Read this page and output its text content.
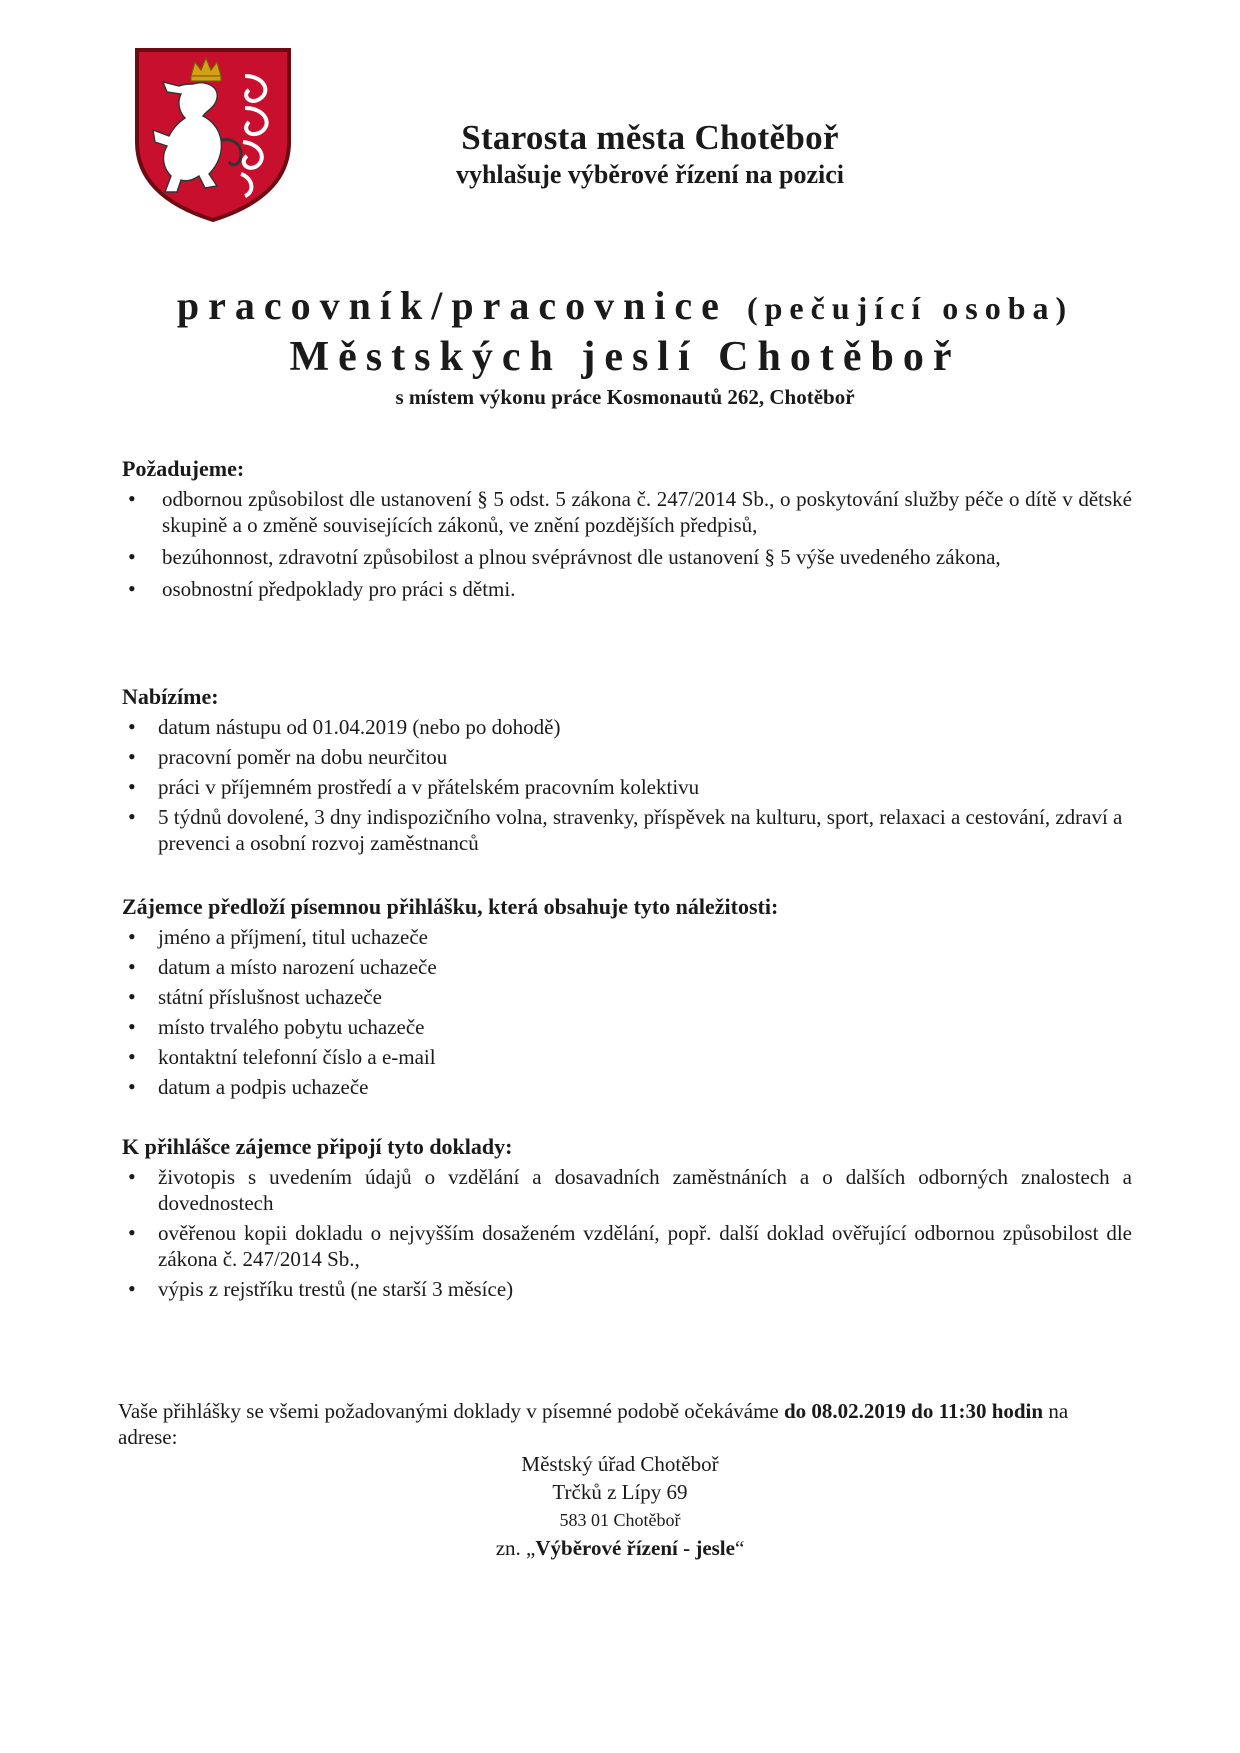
Starosta města Chotěboř
vyhlašuje výběrové řízení na pozici
pracovník/pracovnice (pečující osoba)
Městských jeslí Chotěboř
s místem výkonu práce Kosmonautů 262, Chotěboř
Požadujeme:
• odbornou způsobilost dle ustanovení § 5 odst. 5 zákona č. 247/2014 Sb., o poskytování služby péče o dítě v dětské skupině a o změně souvisejících zákonů, ve znění pozdějších předpisů,
• bezúhonnost, zdravotní způsobilost a plnou svéprávnost dle ustanovení § 5 výše uvedeného zákona,
• osobnostní předpoklady pro práci s dětmi.
Nabízíme:
• datum nástupu od 01.04.2019 (nebo po dohodě)
• pracovní poměr na dobu neurčitou
• práci v příjemném prostředí a v přátelském pracovním kolektivu
• 5 týdnů dovolené, 3 dny indispozičního volna, stravenky, příspěvek na kulturu, sport, relaxaci a cestování, zdraví a prevenci a osobní rozvoj zaměstnanců
Zájemce předloží písemnou přihlášku, která obsahuje tyto náležitosti:
• jméno a příjmení, titul uchazeče
• datum a místo narození uchazeče
• státní příslušnost uchazeče
• místo trvalého pobytu uchazeče
• kontaktní telefonní číslo a e-mail
• datum a podpis uchazeče
K přihlášce zájemce připojí tyto doklady:
• životopis s uvedením údajů o vzdělání a dosavadních zaměstnáních a o dalších odborných znalostech a dovednostech
• ověřenou kopii dokladu o nejvyšším dosaženém vzdělání, popř. další doklad ověřující odbornou způsobilost dle zákona č. 247/2014 Sb.,
• výpis z rejstříku trestů (ne starší 3 měsíce)
Vaše přihlášky se všemi požadovanými doklady v písemné podobě očekáváme do 08.02.2019 do 11:30 hodin na adrese:
Městský úřad Chotěboř
Trčků z Lípy 69
583 01 Chotěboř
zn. „Výběrové řízení - jesle“
